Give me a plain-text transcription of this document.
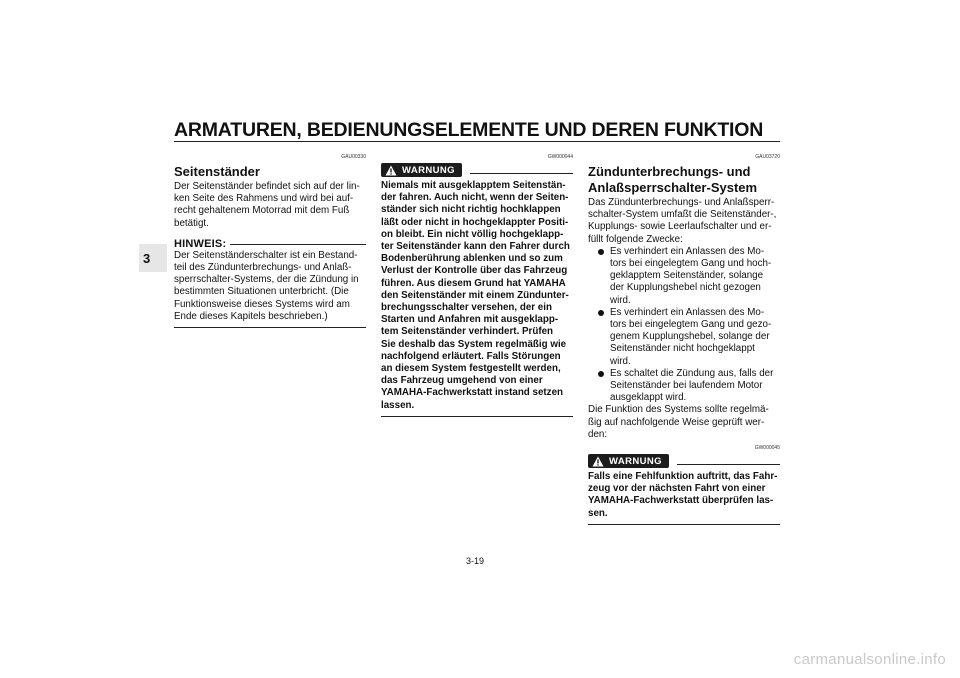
ARMATUREN, BEDIENUNGSELEMENTE UND DEREN FUNKTION
3
GAU00330
Seitenständer

Der Seitenständer befindet sich auf der lin-
ken Seite des Rahmens und wird bei auf-
recht gehaltenem Motorrad mit dem Fuß
betätigt.

HINWEIS:

Der Seitenständerschalter ist ein Bestand-
teil des Zündunterbrechungs- und Anlaß-
sperrschalter-Systems, der die Zündung in
bestimmten Situationen unterbricht. (Die
Funktionsweise dieses Systems wird am
Ende dieses Kapitels beschrieben.)

GW000044
WARNUNG

Niemals mit ausgeklapptem Seitenstän-
der fahren. Auch nicht, wenn der Seiten-
ständer sich nicht richtig hochklappen
läßt oder nicht in hochgeklappter Positi-
on bleibt. Ein nicht völlig hochgeklapp-
ter Seitenständer kann den Fahrer durch
Bodenberührung ablenken und so zum
Verlust der Kontrolle über das Fahrzeug
führen. Aus diesem Grund hat YAMAHA
den Seitenständer mit einem Zündunter-
brechungsschalter versehen, der ein
Starten und Anfahren mit ausgeklapp-
tem Seitenständer verhindert. Prüfen
Sie deshalb das System regelmäßig wie
nachfolgend erläutert. Falls Störungen
an diesem System festgestellt werden,
das Fahrzeug umgehend von einer
YAMAHA-Fachwerkstatt instand setzen
lassen.

GAU03720
Zündunterbrechungs- und
Anlaßsperrschalter-System

Das Zündunterbrechungs- und Anlaßsperr-
schalter-System umfaßt die Seitenständer-,
Kupplungs- sowie Leerlaufschalter und er-
füllt folgende Zwecke:

Es verhindert ein Anlassen des Mo-
tors bei eingelegtem Gang und hoch-
geklapptem Seitenständer, solange
der Kupplungshebel nicht gezogen
wird.
Es verhindert ein Anlassen des Mo-
tors bei eingelegtem Gang und gezo-
genem Kupplungshebel, solange der
Seitenständer nicht hochgeklappt
wird.
Es schaltet die Zündung aus, falls der
Seitenständer bei laufendem Motor
ausgeklappt wird.

Die Funktion des Systems sollte regelmä-
ßig auf nachfolgende Weise geprüft wer-
den:

GW000045
WARNUNG

Falls eine Fehlfunktion auftritt, das Fahr-
zeug vor der nächsten Fahrt von einer
YAMAHA-Fachwerkstatt überprüfen las-
sen.

3-19
carmanualsonline.info
